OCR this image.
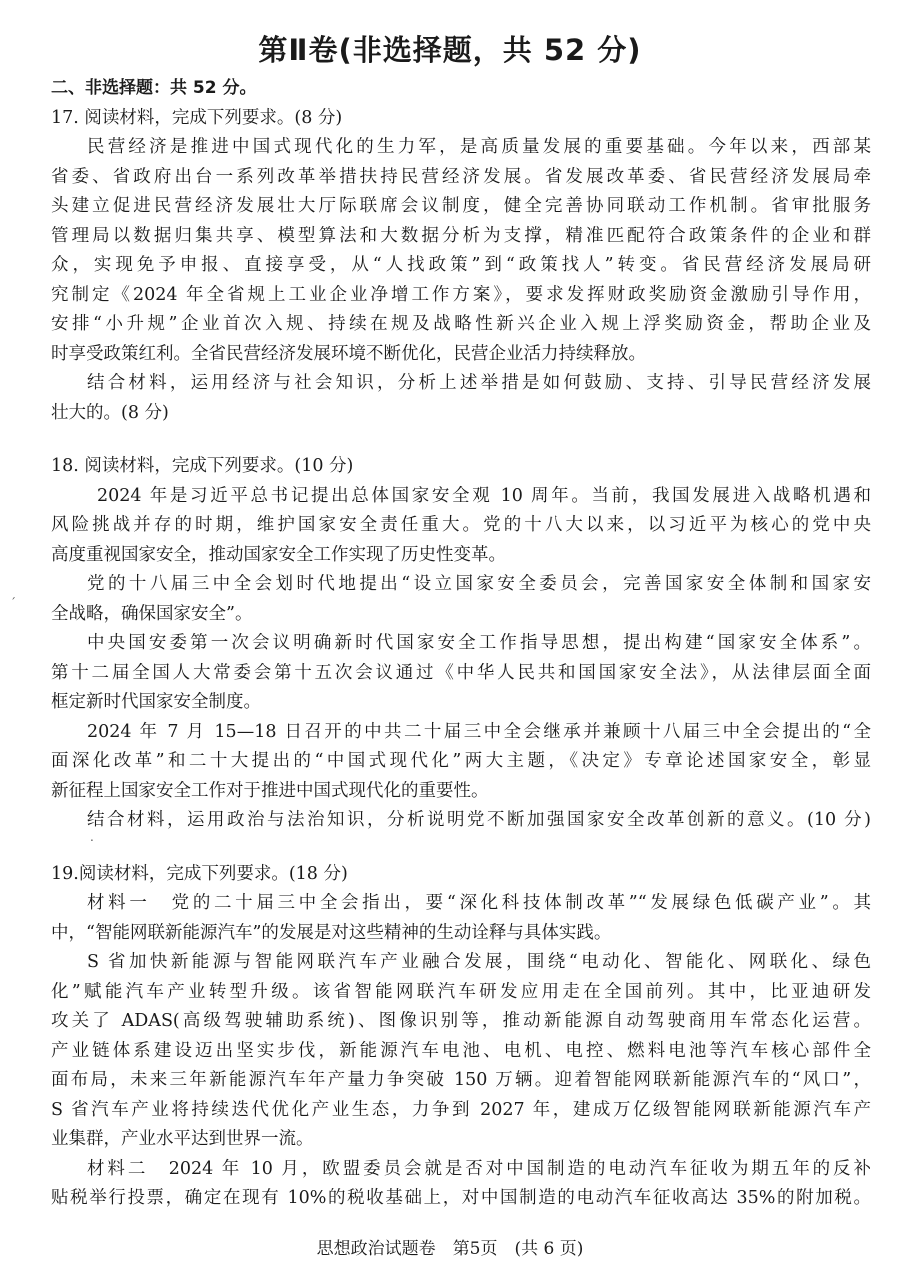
第Ⅱ卷(非选择题，共 52 分)
二、非选择题：共 52 分。
17. 阅读材料，完成下列要求。(8 分)
民营经济是推进中国式现代化的生力军，是高质量发展的重要基础。今年以来，西部某
省委、省政府出台一系列改革举措扶持民营经济发展。省发展改革委、省民营经济发展局牵
头建立促进民营经济发展壮大厅际联席会议制度，健全完善协同联动工作机制。省审批服务
管理局以数据归集共享、模型算法和大数据分析为支撑，精准匹配符合政策条件的企业和群
众，实现免予申报、直接享受，从“人找政策”到“政策找人”转变。省民营经济发展局研
究制定《2024 年全省规上工业企业净增工作方案》，要求发挥财政奖励资金激励引导作用，
安排“小升规”企业首次入规、持续在规及战略性新兴企业入规上浮奖励资金，帮助企业及
时享受政策红利。全省民营经济发展环境不断优化，民营企业活力持续释放。
结合材料，运用经济与社会知识，分析上述举措是如何鼓励、支持、引导民营经济发展
壮大的。(8 分)
18. 阅读材料，完成下列要求。(10 分)
2024 年是习近平总书记提出总体国家安全观 10 周年。当前，我国发展进入战略机遇和
风险挑战并存的时期，维护国家安全责任重大。党的十八大以来，以习近平为核心的党中央
高度重视国家安全，推动国家安全工作实现了历史性变革。
党的十八届三中全会划时代地提出“设立国家安全委员会，完善国家安全体制和国家安
全战略，确保国家安全”。
中央国安委第一次会议明确新时代国家安全工作指导思想，提出构建“国家安全体系”。
第十二届全国人大常委会第十五次会议通过《中华人民共和国国家安全法》，从法律层面全面
框定新时代国家安全制度。
2024 年 7 月 15—18 日召开的中共二十届三中全会继承并兼顾十八届三中全会提出的“全
面深化改革”和二十大提出的“中国式现代化”两大主题，《决定》专章论述国家安全，彰显
新征程上国家安全工作对于推进中国式现代化的重要性。
结合材料，运用政治与法治知识，分析说明党不断加强国家安全改革创新的意义。(10 分)
19.阅读材料，完成下列要求。(18 分)
材料一　党的二十届三中全会指出，要“深化科技体制改革”“发展绿色低碳产业”。其
中，“智能网联新能源汽车”的发展是对这些精神的生动诠释与具体实践。
S 省加快新能源与智能网联汽车产业融合发展，围绕“电动化、智能化、网联化、绿色
化”赋能汽车产业转型升级。该省智能网联汽车研发应用走在全国前列。其中，比亚迪研发
攻关了 ADAS(高级驾驶辅助系统)、图像识别等，推动新能源自动驾驶商用车常态化运营。
产业链体系建设迈出坚实步伐，新能源汽车电池、电机、电控、燃料电池等汽车核心部件全
面布局，未来三年新能源汽车年产量力争突破 150 万辆。迎着智能网联新能源汽车的“风口”，
S 省汽车产业将持续迭代优化产业生态，力争到 2027 年，建成万亿级智能网联新能源汽车产
业集群，产业水平达到世界一流。
材料二　2024 年 10 月，欧盟委员会就是否对中国制造的电动汽车征收为期五年的反补
贴税举行投票，确定在现有 10%的税收基础上，对中国制造的电动汽车征收高达 35%的附加税。
思想政治试题卷　第5页　(共 6 页)
ˊ
.
